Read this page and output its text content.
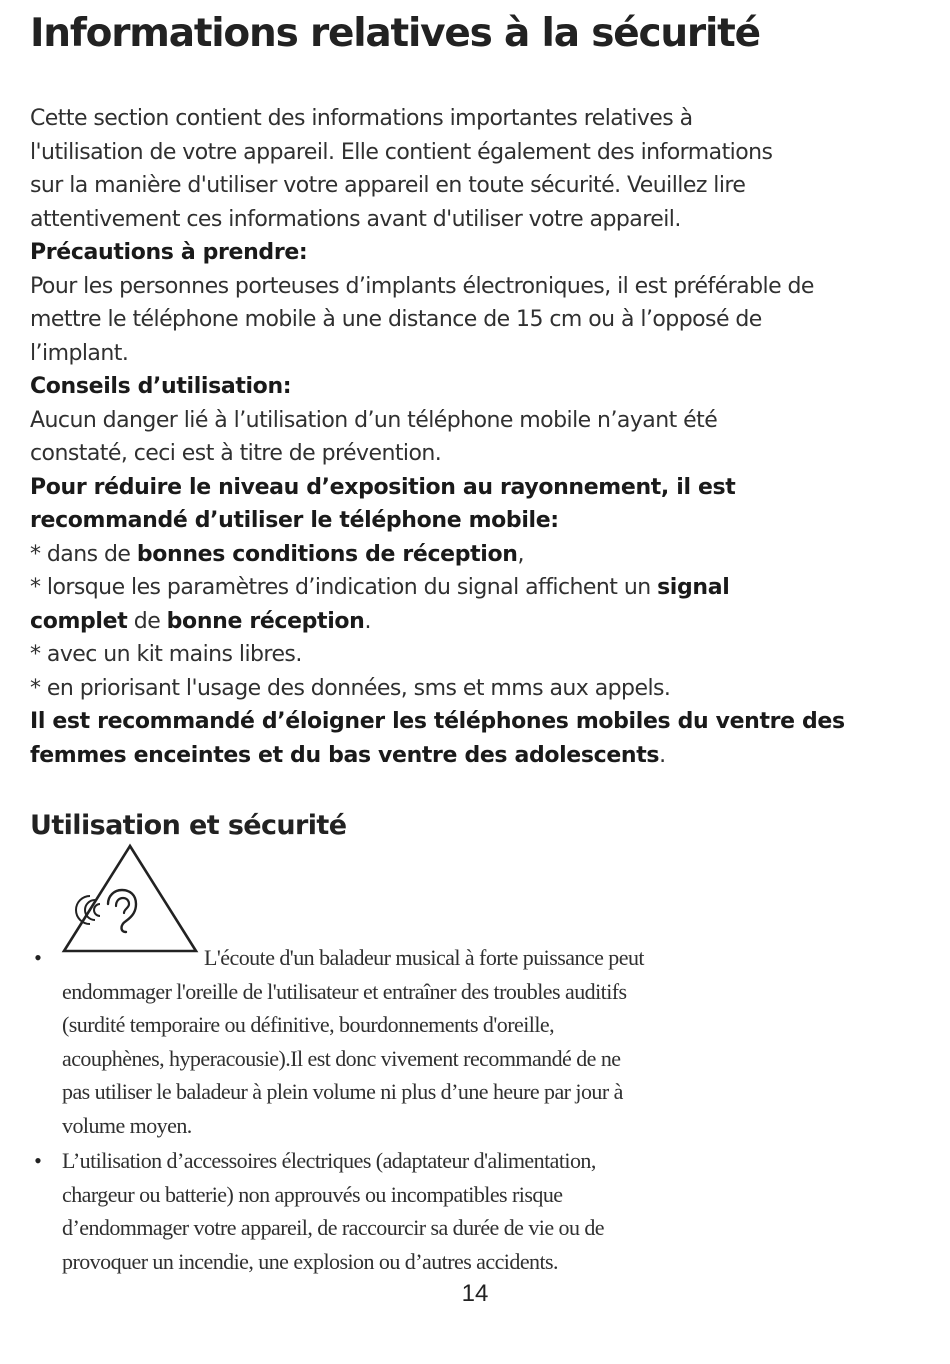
Informations relatives à la sécurité
Cette section contient des informations importantes relatives à
l'utilisation de votre appareil. Elle contient également des informations
sur la manière d'utiliser votre appareil en toute sécurité. Veuillez lire
attentivement ces informations avant d'utiliser votre appareil.
Précautions à prendre:
Pour les personnes porteuses d’implants électroniques, il est préférable de
mettre le téléphone mobile à une distance de 15 cm ou à l’opposé de
l’implant.
Conseils d’utilisation:
Aucun danger lié à l’utilisation d’un téléphone mobile n’ayant été
constaté, ceci est à titre de prévention.
Pour réduire le niveau d’exposition au rayonnement, il est
recommandé d’utiliser le téléphone mobile:
* dans de bonnes conditions de réception,
* lorsque les paramètres d’indication du signal affichent un signal
complet de bonne réception.
* avec un kit mains libres.
* en priorisant l'usage des données, sms et mms aux appels.
Il est recommandé d’éloigner les téléphones mobiles du ventre des
femmes enceintes et du bas ventre des adolescents.
Utilisation et sécurité
•	L'écoute d'un baladeur musical à forte puissance peut
endommager l'oreille de l'utilisateur et entraîner des troubles auditifs
(surdité temporaire ou définitive, bourdonnements d'oreille,
acouphènes, hyperacousie).Il est donc vivement recommandé de ne
pas utiliser le baladeur à plein volume ni plus d’une heure par jour à
volume moyen.
• L’utilisation d’accessoires électriques (adaptateur d'alimentation,
chargeur ou batterie) non approuvés ou incompatibles risque
d’endommager votre appareil, de raccourcir sa durée de vie ou de
provoquer un incendie, une explosion ou d’autres accidents.
14
